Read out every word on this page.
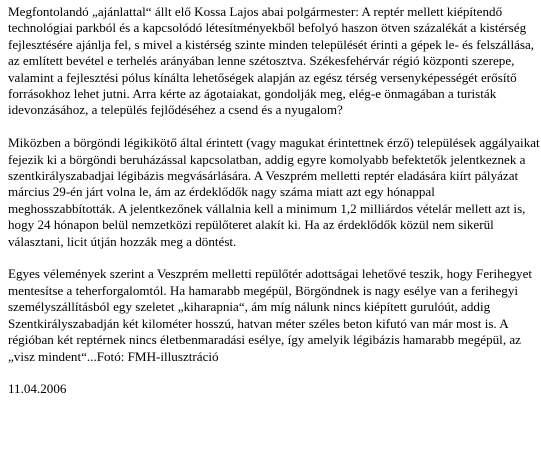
Megfontolandó „ajánlattal“ állt elő Kossa Lajos abai polgármester: A reptér mellett kiépítendő technológiai parkból és a kapcsolódó létesítményekből befolyó haszon ötven százalékát a kistérség fejlesztésére ajánlja fel, s mivel a kistérség szinte minden települését érinti a gépek le- és felszállása, az említett bevétel e terhelés arányában lenne szétosztva. Székesfehérvár régió központi szerepe, valamint a fejlesztési pólus kínálta lehetőségek alapján az egész térség versenyképességét erősítő forrásokhoz lehet jutni. Arra kérte az ágotaiakat, gondolják meg, elég-e önmagában a turisták idevonzásához, a település fejlődéséhez a csend és a nyugalom?

Miközben a börgöndi légikikötő által érintett (vagy magukat érintettnek érző) települések aggályaikat fejezik ki a börgöndi beruházással kapcsolatban, addig egyre komolyabb befektetők jelentkeznek a szentkirályszabadjai légibázis megvásárlására. A Veszprém melletti reptér eladására kiírt pályázat március 29-én járt volna le, ám az érdeklődők nagy száma miatt azt egy hónappal meghosszabbították. A jelentkezőnek vállalnia kell a minimum 1,2 milliárdos vételár mellett azt is, hogy 24 hónapon belül nemzetközi repülőteret alakít ki. Ha az érdeklődők közül nem sikerül választani, licit útján hozzák meg a döntést.

Egyes vélemények szerint a Veszprém melletti repülőtér adottságai lehetővé teszik, hogy Ferihegyet mentesítse a teherforgalomtól. Ha hamarabb megépül, Börgöndnek is nagy esélye van a ferihegyi személyszállításból egy szeletet „kiharapnia“, ám míg nálunk nincs kiépített gurulóút, addig Szentkirályszabadján két kilométer hosszú, hatvan méter széles beton kifutó van már most is. A régióban két reptérnek nincs életbenmaradási esélye, így amelyik légibázis hamarabb megépül, az „visz mindent“...Fotó: FMH-illusztráció

11.04.2006
